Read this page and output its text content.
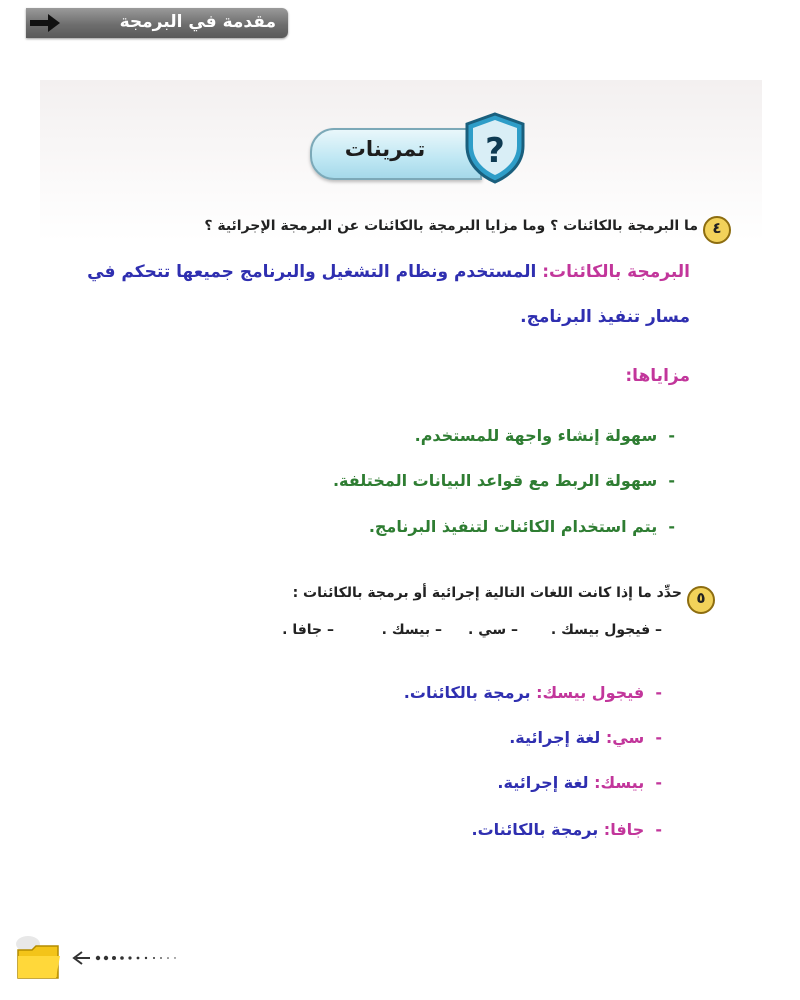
مقدمة في البرمجة
تمرينات	?
٤
ما البرمجة بالكائنات ؟ وما مزايا البرمجة بالكائنات عن البرمجة الإجرائية ؟
البرمجة بالكائنات: المستخدم ونظام التشغيل والبرنامج جميعها تتحكم في
مسار تنفيذ البرنامج.
مزاياها:
-  سهولة إنشاء واجهة للمستخدم.
-  سهولة الربط مع قواعد البيانات المختلفة.
-  يتم استخدام الكائنات لتنفيذ البرنامج.
٥
حدِّد ما إذا كانت اللغات التالية إجرائية أو برمجة بالكائنات :
– فيجول بيسك .
– سي .
– بيسك .
– جافا .
-  فيجول بيسك: برمجة بالكائنات.
-  سي: لغة إجرائية.
-  بيسك: لغة إجرائية.
-  جافا: برمجة بالكائنات.
